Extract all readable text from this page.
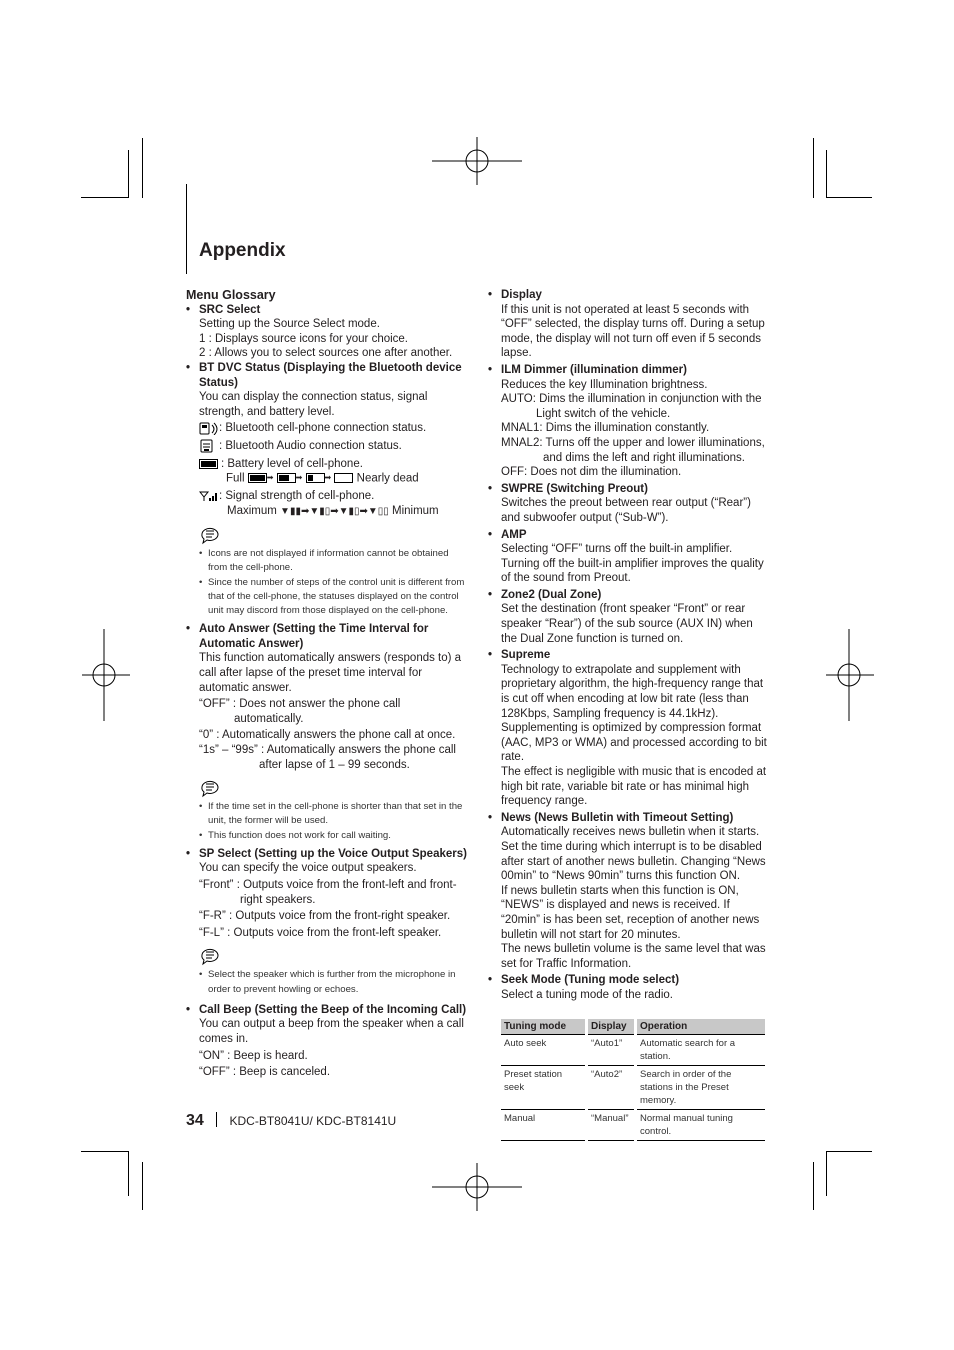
Appendix

Menu Glossary

• SRC Select

Setting up the Source Select mode.

1 : Displays source icons for your choice.

2 : Allows you to select sources one after another.

• BT DVC Status (Displaying the Bluetooth device Status)

You can display the connection status, signal strength, and battery level.

: Bluetooth cell-phone connection status.

: Bluetooth Audio connection status.

: Battery level of cell-phone.

Full	➡	➡	➡ Nearly dead

: Signal strength of cell-phone.

Maximum ▼▮▮➡▼▮▯➡▼▮▯➡▼▯▯ Minimum

• Icons are not displayed if information cannot be obtained from the cell-phone.

• Since the number of steps of the control unit is different from that of the cell-phone, the statuses displayed on the control unit may discord from those displayed on the cell-phone.

• Auto Answer (Setting the Time Interval for Automatic Answer)

This function automatically answers (responds to) a call after lapse of the preset time interval for automatic answer.

“OFF” : Does not answer the phone call automatically.

“0” : Automatically answers the phone call at once.

“1s” – “99s” : Automatically answers the phone call after lapse of 1 – 99 seconds.

• If the time set in the cell-phone is shorter than that set in the unit, the former will be used.

• This function does not work for call waiting.

• SP Select (Setting up the Voice Output Speakers)

You can specify the voice output speakers.

“Front” : Outputs voice from the front-left and front-right speakers.

“F-R” : Outputs voice from the front-right speaker.

“F-L” : Outputs voice from the front-left speaker.

• Select the speaker which is further from the microphone in order to prevent howling or echoes.

• Call Beep (Setting the Beep of the Incoming Call)

You can output a beep from the speaker when a call comes in.

“ON” : Beep is heard.

“OFF” : Beep is canceled.

• Display

If this unit is not operated at least 5 seconds with “OFF” selected, the display turns off. During a setup mode, the display will not turn off even if 5 seconds lapse.

• ILM Dimmer (illumination dimmer)

Reduces the key Illumination brightness.

AUTO: Dims the illumination in conjunction with the Light switch of the vehicle.

MNAL1: Dims the illumination constantly.

MNAL2: Turns off the upper and lower illuminations, and dims the left and right illuminations.

OFF: Does not dim the illumination.

• SWPRE (Switching Preout)

Switches the preout between rear output (“Rear”) and subwoofer output (“Sub-W”).

• AMP

Selecting “OFF” turns off the built-in amplifier. Turning off the built-in amplifier improves the quality of the sound from Preout.

• Zone2 (Dual Zone)

Set the destination (front speaker “Front” or rear speaker “Rear”) of the sub source (AUX IN) when the Dual Zone function is turned on.

• Supreme

Technology to extrapolate and supplement with proprietary algorithm, the high-frequency range that is cut off when encoding at low bit rate (less than 128Kbps, Sampling frequency is 44.1kHz). Supplementing is optimized by compression format (AAC, MP3 or WMA) and processed according to bit rate.

The effect is negligible with music that is encoded at high bit rate, variable bit rate or has minimal high frequency range.

• News (News Bulletin with Timeout Setting)

Automatically receives news bulletin when it starts. Set the time during which interrupt is to be disabled after start of another news bulletin. Changing “News 00min” to “News 90min” turns this function ON.

If news bulletin starts when this function is ON, “NEWS” is displayed and news is received. If “20min” is has been set, reception of another news bulletin will not start for 20 minutes.

The news bulletin volume is the same level that was set for Traffic Information.

• Seek Mode (Tuning mode select)

Select a tuning mode of the radio.

Tuning mode	Display	Operation
Auto seek	“Auto1”	Automatic search for a station.
Preset station seek	“Auto2”	Search in order of the stations in the Preset memory.
Manual	“Manual”	Normal manual tuning control.
34 KDC-BT8041U/ KDC-BT8141U
